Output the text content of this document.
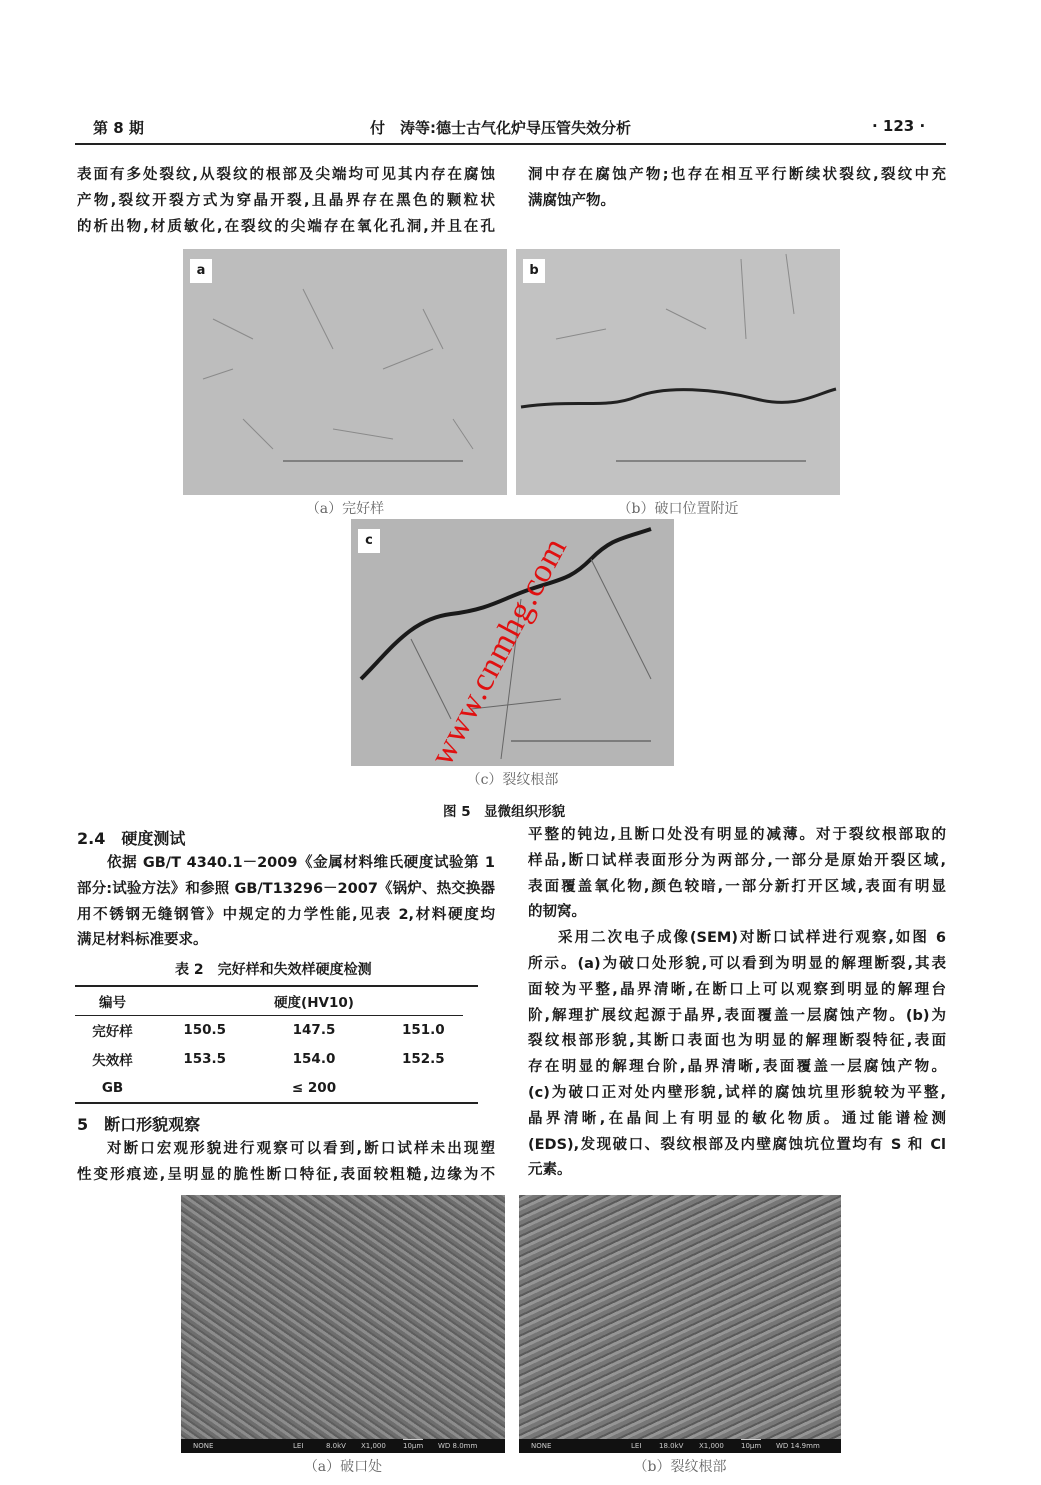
第 8 期	付　涛等:德士古气化炉导压管失效分析	· 123 ·
表面有多处裂纹,从裂纹的根部及尖端均可见其内存在腐蚀
产物,裂纹开裂方式为穿晶开裂,且晶界存在黑色的颗粒状
的析出物,材质敏化,在裂纹的尖端存在氧化孔洞,并且在孔
洞中存在腐蚀产物;也存在相互平行断续状裂纹,裂纹中充
满腐蚀产物。
a	b
（a）完好样	（b）破口位置附近
c www.cnmhg.com
（c）裂纹根部
图 5　显微组织形貌
2.4　硬度测试
依据 GB/T 4340.1－2009《金属材料维氏硬度试验第 1
部分:试验方法》和参照 GB/T13296－2007《锅炉、热交换器
用不锈钢无缝钢管》中规定的力学性能,见表 2,材料硬度均
满足材料标准要求。
表 2　完好样和失效样硬度检测
编号	硬度(HV10)		
完好样	150.5	147.5	151.0
失效样	153.5	154.0	152.5
GB	≤ 200		
5　断口形貌观察
对断口宏观形貌进行观察可以看到,断口试样未出现塑
性变形痕迹,呈明显的脆性断口特征,表面较粗糙,边缘为不
平整的钝边,且断口处没有明显的减薄。对于裂纹根部取的
样品,断口试样表面形分为两部分,一部分是原始开裂区域,
表面覆盖氧化物,颜色较暗,一部分新打开区域,表面有明显
的韧窝。
采用二次电子成像(SEM)对断口试样进行观察,如图 6
所示。(a)为破口处形貌,可以看到为明显的解理断裂,其表
面较为平整,晶界清晰,在断口上可以观察到明显的解理台
阶,解理扩展纹起源于晶界,表面覆盖一层腐蚀产物。(b)为
裂纹根部形貌,其断口表面也为明显的解理断裂特征,表面
存在明显的解理台阶,晶界清晰,表面覆盖一层腐蚀产物。
(c)为破口正对处内壁形貌,试样的腐蚀坑里形貌较为平整,
晶界清晰,在晶间上有明显的敏化物质。通过能谱检测
(EDS),发现破口、裂纹根部及内壁腐蚀坑位置均有 S 和 Cl
元素。
NONE	LEI	8.0kV X1,000 10μm WD 8.0mm	NONE	LEI	18.0kV X1,000 10μm WD 14.9mm
（a）破口处	（b）裂纹根部
